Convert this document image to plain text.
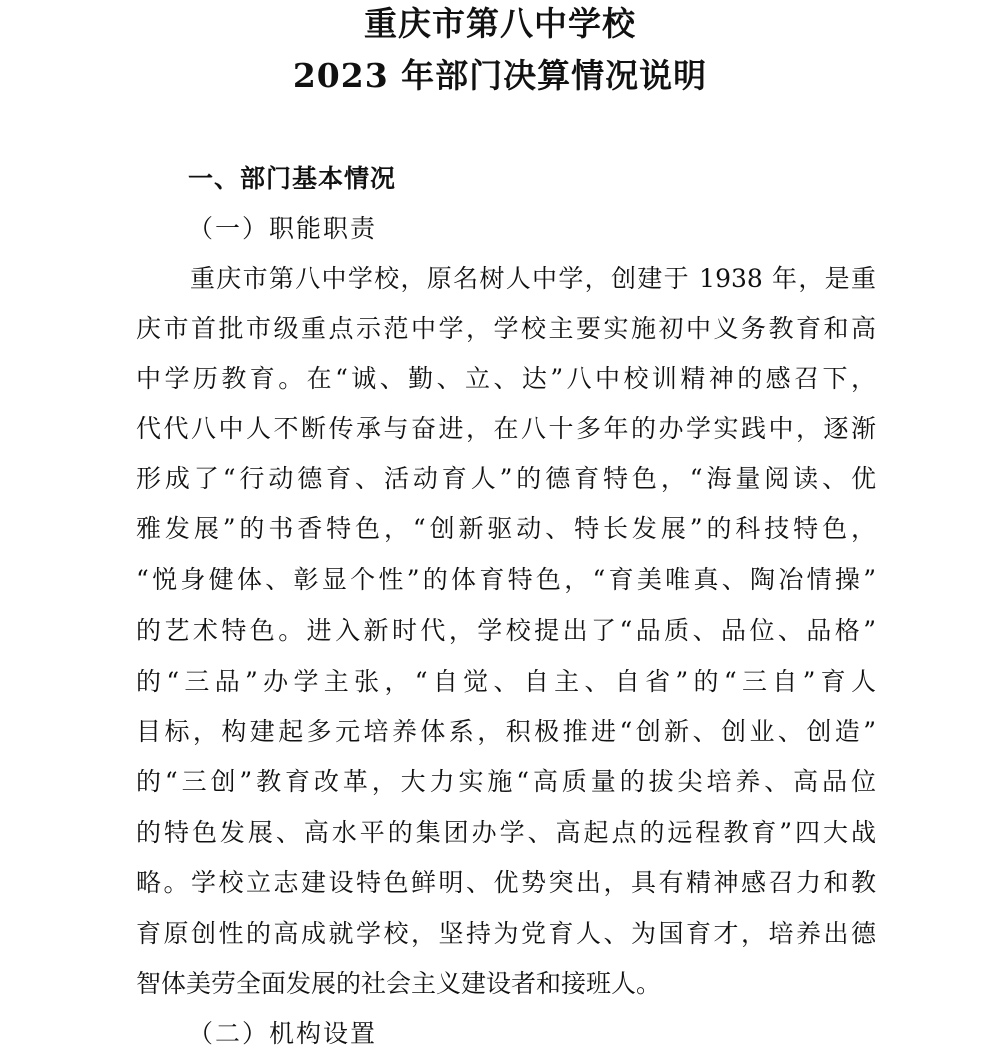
重庆市第八中学校
2023 年部门决算情况说明
一、部门基本情况
（一）职能职责
重庆市第八中学校，原名树人中学，创建于 1938 年，是重
庆市首批市级重点示范中学，学校主要实施初中义务教育和高
中学历教育。在“诚、勤、立、达”八中校训精神的感召下，
代代八中人不断传承与奋进，在八十多年的办学实践中，逐渐
形成了“行动德育、活动育人”的德育特色，“海量阅读、优
雅发展”的书香特色，“创新驱动、特长发展”的科技特色，
“悦身健体、彰显个性”的体育特色，“育美唯真、陶冶情操”
的艺术特色。进入新时代，学校提出了“品质、品位、品格”
的“三品”办学主张，“自觉、自主、自省”的“三自”育人
目标，构建起多元培养体系，积极推进“创新、创业、创造”
的“三创”教育改革，大力实施“高质量的拔尖培养、高品位
的特色发展、高水平的集团办学、高起点的远程教育”四大战
略。学校立志建设特色鲜明、优势突出，具有精神感召力和教
育原创性的高成就学校，坚持为党育人、为国育才，培养出德
智体美劳全面发展的社会主义建设者和接班人。
（二）机构设置
